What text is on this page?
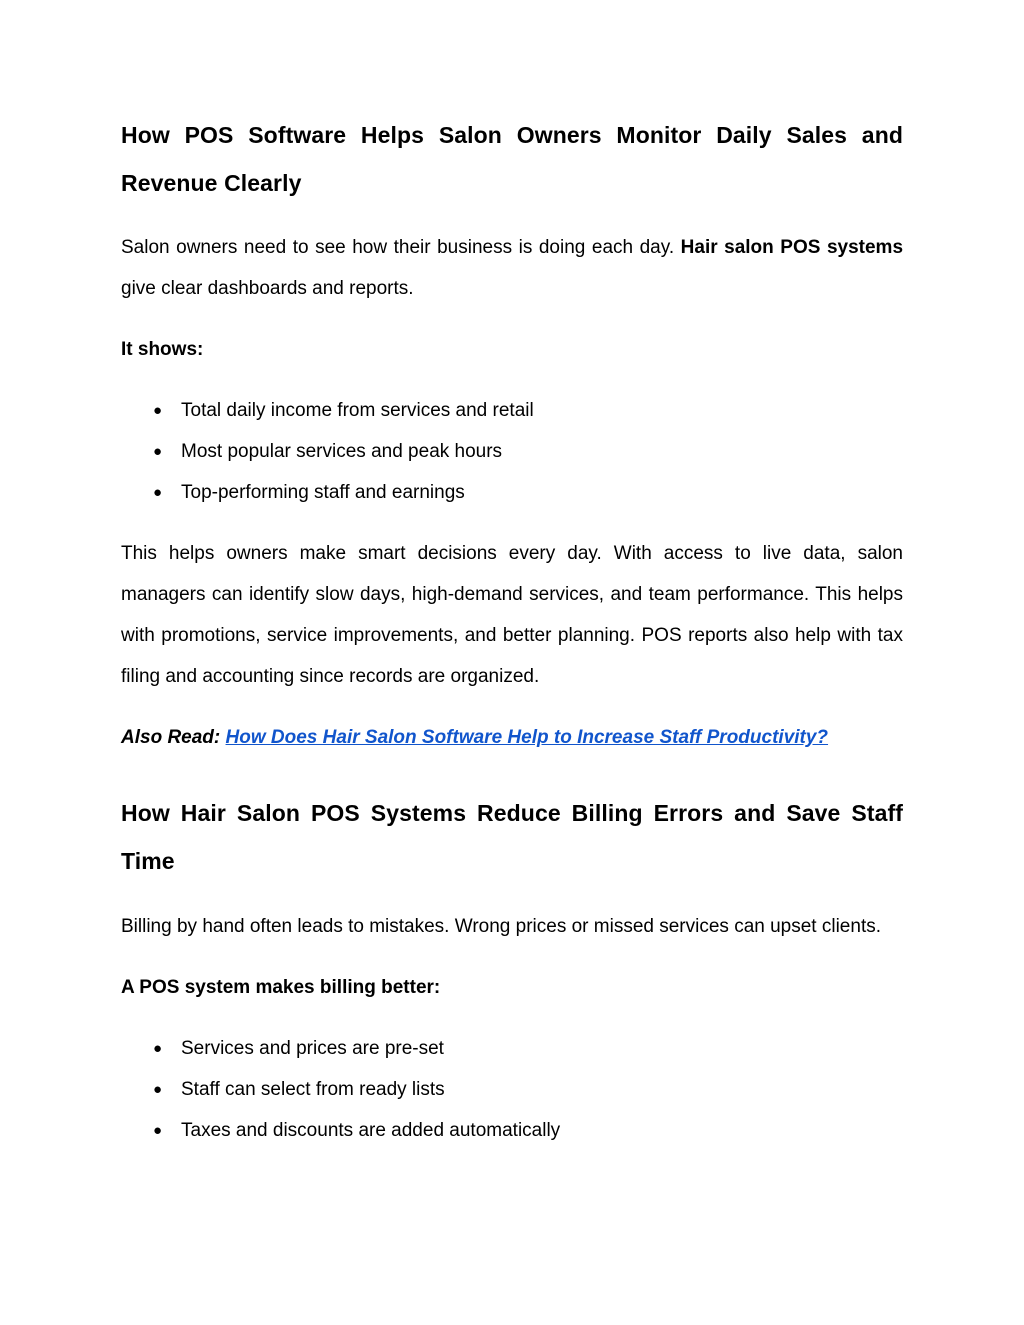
How POS Software Helps Salon Owners Monitor Daily Sales and Revenue Clearly

Salon owners need to see how their business is doing each day. Hair salon POS systems give clear dashboards and reports.

It shows:

● Total daily income from services and retail
● Most popular services and peak hours
● Top-performing staff and earnings

This helps owners make smart decisions every day. With access to live data, salon managers can identify slow days, high-demand services, and team performance. This helps with promotions, service improvements, and better planning. POS reports also help with tax filing and accounting since records are organized.

Also Read: How Does Hair Salon Software Help to Increase Staff Productivity?

How Hair Salon POS Systems Reduce Billing Errors and Save Staff Time

Billing by hand often leads to mistakes. Wrong prices or missed services can upset clients.

A POS system makes billing better:

● Services and prices are pre-set
● Staff can select from ready lists
● Taxes and discounts are added automatically
